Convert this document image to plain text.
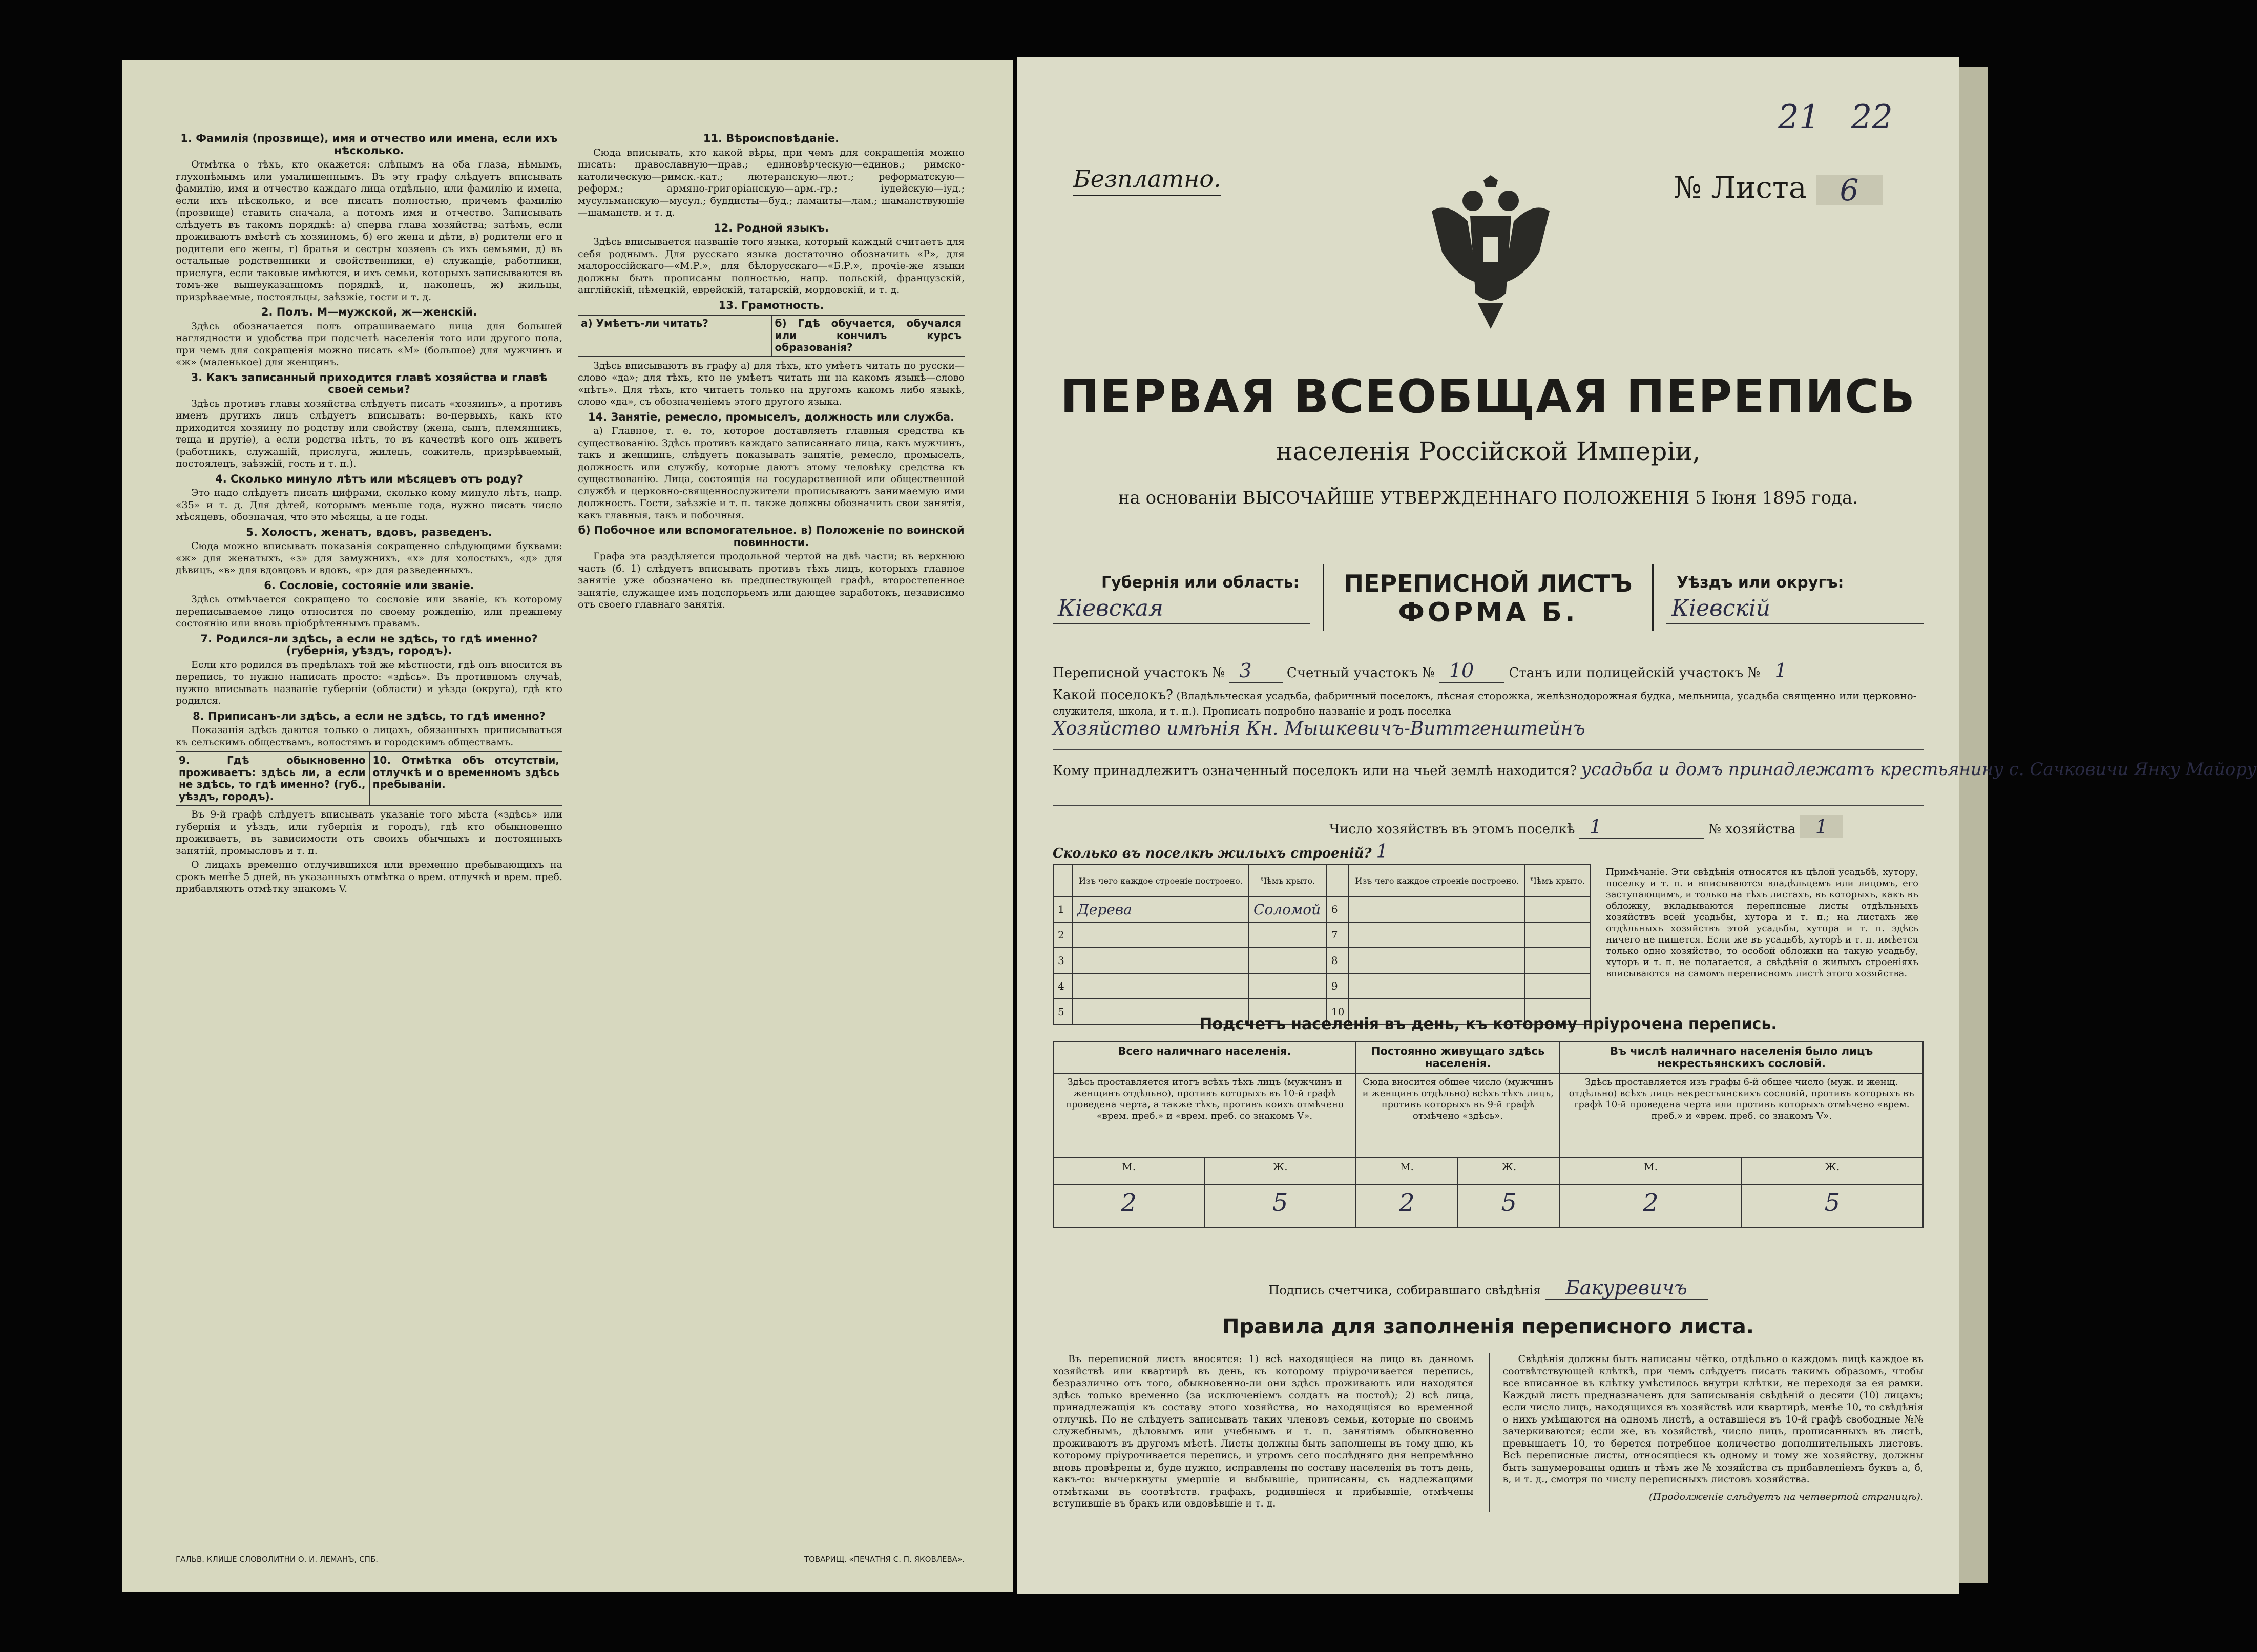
1. Фамилія (прозвище), имя и отчество или имена, если ихъ нѣсколько.

Отмѣтка о тѣхъ, кто окажется: слѣпымъ на оба глаза, нѣмымъ, глухонѣмымъ или умалишеннымъ. Въ эту графу слѣдуетъ вписывать фамилію, имя и отчество каждаго лица отдѣльно, или фамилію и имена, если ихъ нѣсколько, и все писать полностью, причемъ фамилію (прозвище) ставить сначала, а потомъ имя и отчество. Записывать слѣдуетъ въ такомъ порядкѣ: а) сперва глава хозяйства; затѣмъ, если проживаютъ вмѣстѣ съ хозяиномъ, б) его жена и дѣти, в) родители его и родители его жены, г) братья и сестры хозяевъ съ ихъ семьями, д) въ остальные родственники и свойственники, е) служащіе, работники, прислуга, если таковые имѣются, и ихъ семьи, которыхъ записываются въ томъ-же вышеуказанномъ порядкѣ, и, наконецъ, ж) жильцы, призрѣваемые, постояльцы, заѣзжіе, гости и т. д.

2. Полъ. М—мужской, ж—женскій.

Здѣсь обозначается полъ опрашиваемаго лица для большей наглядности и удобства при подсчетѣ населенія того или другого пола, при чемъ для сокращенія можно писать «М» (большое) для мужчинъ и «ж» (маленькое) для женщинъ.

3. Какъ записанный приходится главѣ хозяйства и главѣ своей семьи?

Здѣсь противъ главы хозяйства слѣдуетъ писать «хозяинъ», а противъ именъ другихъ лицъ слѣдуетъ вписывать: во-первыхъ, какъ кто приходится хозяину по родству или свойству (жена, сынъ, племянникъ, теща и другіе), а если родства нѣтъ, то въ качествѣ кого онъ живетъ (работникъ, служащій, прислуга, жилецъ, сожитель, призрѣваемый, постоялецъ, заѣзжій, гость и т. п.).

4. Сколько минуло лѣтъ или мѣсяцевъ отъ роду?

Это надо слѣдуетъ писать цифрами, сколько кому минуло лѣтъ, напр. «35» и т. д. Для дѣтей, которымъ меньше года, нужно писать число мѣсяцевъ, обозначая, что это мѣсяцы, а не годы.

5. Холостъ, женатъ, вдовъ, разведенъ.

Сюда можно вписывать показанія сокращенно слѣдующими буквами: «ж» для женатыхъ, «з» для замужнихъ, «х» для холостыхъ, «д» для дѣвицъ, «в» для вдовцовъ и вдовъ, «р» для разведенныхъ.

6. Сословіе, состояніе или званіе.

Здѣсь отмѣчается сокращено то сословіе или званіе, къ которому переписываемое лицо относится по своему рожденію, или прежнему состоянію или вновь пріобрѣтеннымъ правамъ.

7. Родился-ли здѣсь, а если не здѣсь, то гдѣ именно? (губернія, уѣздъ, городъ).

Если кто родился въ предѣлахъ той же мѣстности, гдѣ онъ вносится въ перепись, то нужно написать просто: «здѣсь». Въ противномъ случаѣ, нужно вписывать названіе губерніи (области) и уѣзда (округа), гдѣ кто родился.

8. Приписанъ-ли здѣсь, а если не здѣсь, то гдѣ именно?

Показанія здѣсь даются только о лицахъ, обязанныхъ приписываться къ сельскимъ обществамъ, волостямъ и городскимъ обществамъ.

9. Гдѣ обыкновенно проживаетъ: здѣсь ли, а если не здѣсь, то гдѣ именно? (губ., уѣздъ, городъ).
10. Отмѣтка объ отсутствіи, отлучкѣ и о временномъ здѣсь пребываніи.

Въ 9-й графѣ слѣдуетъ вписывать указаніе того мѣста («здѣсь» или губернія и уѣздъ, или губернія и городъ), гдѣ кто обыкновенно проживаетъ, въ зависимости отъ своихъ обычныхъ и постоянныхъ занятій, промысловъ и т. п.

О лицахъ временно отлучившихся или временно пребывающихъ на срокъ менѣе 5 дней, въ указанныхъ отмѣтка о врем. отлучкѣ и врем. преб. прибавляютъ отмѣтку знакомъ V.

11. Вѣроисповѣданіе.

Сюда вписывать, кто какой вѣры, при чемъ для сокращенія можно писать: православную—прав.; единовѣрческую—единов.; римско-католическую—римск.-кат.; лютеранскую—лют.; реформатскую—реформ.; армяно-григоріанскую—арм.-гр.; іудейскую—іуд.; мусульманскую—мусул.; буддисты—буд.; ламаиты—лам.; шаманствующіе—шаманств. и т. д.

12. Родной языкъ.

Здѣсь вписывается названіе того языка, который каждый считаетъ для себя роднымъ. Для русскаго языка достаточно обозначить «Р», для малороссійскаго—«М.Р.», для бѣлорусскаго—«Б.Р.», прочіе-же языки должны быть прописаны полностью, напр. польскій, французскій, англійскій, нѣмецкій, еврейскій, татарскій, мордовскій, и т. д.

13. Грамотность.
а) Умѣетъ-ли читать?	б) Гдѣ обучается, обучался или кончилъ курсъ образованія?

Здѣсь вписываютъ въ графу а) для тѣхъ, кто умѣетъ читать по русски—слово «да»; для тѣхъ, кто не умѣетъ читать ни на какомъ языкѣ—слово «нѣтъ». Для тѣхъ, кто читаетъ только на другомъ какомъ либо языкѣ, слово «да», съ обозначеніемъ этого другого языка.

14. Занятіе, ремесло, промыселъ, должность или служба.

а) Главное, т. е. то, которое доставляетъ главныя средства къ существованію. Здѣсь противъ каждаго записаннаго лица, какъ мужчинъ, такъ и женщинъ, слѣдуетъ показывать занятіе, ремесло, промыселъ, должность или службу, которые даютъ этому человѣку средства къ существованію. Лица, состоящія на государственной или общественной службѣ и церковно-священнослужители прописываютъ занимаемую ими должность. Гости, заѣзжіе и т. п. также должны обозначить свои занятія, какъ главныя, такъ и побочныя.

б) Побочное или вспомогательное. в) Положеніе по воинской повинности.

Графа эта раздѣляется продольной чертой на двѣ части; въ верхнюю часть (б. 1) слѣдуетъ вписывать противъ тѣхъ лицъ, которыхъ главное занятіе уже обозначено въ предшествующей графѣ, второстепенное занятіе, служащее имъ подспорьемъ или дающее заработокъ, независимо отъ своего главнаго занятія.

ГАЛЬВ. КЛИШЕ СЛОВОЛИТНИ О. И. ЛЕМАНЪ, СПБ.	ТОВАРИЩ. «ПЕЧАТНЯ С. П. ЯКОВЛЕВА».
21 22
Безплатно.	№ Листа 6
ПЕРВАЯ ВСЕОБЩАЯ ПЕРЕПИСЬ
населенія Россійской Имперіи,
на основаніи ВЫСОЧАЙШЕ УТВЕРЖДЕННАГО ПОЛОЖЕНІЯ 5 Іюня 1895 года.
Губернія или область:
Кіевская
ПЕРЕПИСНОЙ ЛИСТЪ
ФОРМА Б.
Уѣздъ или округъ:
Кіевскій
Переписной участокъ № 3	Счетный участокъ № 10	Станъ или полицейскій участокъ № 1
Какой поселокъ? (Владѣльческая усадьба, фабричный поселокъ, лѣсная сторожка, желѣзнодорожная будка, мельница, усадьба священно или церковно-служителя, школа, и т. п.). Прописать подробно названіе и родъ поселка
Хозяйство имѣнія Кн. Мышкевичъ-Виттгенштейнъ
Кому принадлежитъ означенный поселокъ или на чьей землѣ находится? усадьба и домъ принадлежатъ крестьянину с. Сачковичи Янку Майору
Число хозяйствъ въ этомъ поселкѣ 1	№ хозяйства 1
Сколько въ поселкѣ жилыхъ строеній? 1
	Изъ чего каждое строеніе построено.	Чѣмъ крыто.		Изъ чего каждое строеніе построено.	Чѣмъ крыто.
1	Дерева	Соломой	6		
2			7		
3			8		
4			9		
5			10		
Примѣчаніе. Эти свѣдѣнія относятся къ цѣлой усадьбѣ, хутору, поселку и т. п. и вписываются владѣльцемъ или лицомъ, его заступающимъ, и только на тѣхъ листахъ, въ которыхъ, какъ въ обложку, вкладываются переписные листы отдѣльныхъ хозяйствъ всей усадьбы, хутора и т. п.; на листахъ же отдѣльныхъ хозяйствъ этой усадьбы, хутора и т. п. здѣсь ничего не пишется. Если же въ усадьбѣ, хуторѣ и т. п. имѣется только одно хозяйство, то особой обложки на такую усадьбу, хуторъ и т. п. не полагается, а свѣдѣнія о жилыхъ строеніяхъ вписываются на самомъ переписномъ листѣ этого хозяйства.
Подсчетъ населенія въ день, къ которому пріурочена перепись.
Всего наличнаго населенія.		Постоянно живущаго здѣсь населенія.		Въ числѣ наличнаго населенія было лицъ некрестьянскихъ сословій.	
Здѣсь проставляется итогъ всѣхъ тѣхъ лицъ (мужчинъ и женщинъ отдѣльно), противъ которыхъ въ 10-й графѣ проведена черта, а также тѣхъ, противъ коихъ отмѣчено «врем. преб.» и «врем. преб. со знакомъ V».		Сюда вносится общее число (мужчинъ и женщинъ отдѣльно) всѣхъ тѣхъ лицъ, противъ которыхъ въ 9-й графѣ отмѣчено «здѣсь».		Здѣсь проставляется изъ графы 6-й общее число (муж. и женщ. отдѣльно) всѣхъ лицъ некрестьянскихъ сословій, противъ которыхъ въ графѣ 10-й проведена черта или противъ которыхъ отмѣчено «врем. преб.» и «врем. преб. со знакомъ V».	
М.	Ж.	М.	Ж.	М.	Ж.
2	5	2	5	2	5
Подпись счетчика, собиравшаго свѣдѣнія Бакуревичъ
Правила для заполненія переписного листа.

Въ переписной листъ вносятся: 1) всѣ находящіеся на лицо въ данномъ хозяйствѣ или квартирѣ въ день, къ которому пріурочивается перепись, безразлично отъ того, обыкновенно-ли они здѣсь проживаютъ или находятся здѣсь только временно (за исключеніемъ солдатъ на постоѣ); 2) всѣ лица, принадлежащія къ составу этого хозяйства, но находящіяся во временной отлучкѣ. По не слѣдуетъ записывать таких членовъ семьи, которые по своимъ служебнымъ, дѣловымъ или учебнымъ и т. п. занятіямъ обыкновенно проживаютъ въ другомъ мѣстѣ. Листы должны быть заполнены въ тому дню, къ которому пріурочивается перепись, и утромъ сего послѣдняго дня непремѣнно вновь провѣрены и, буде нужно, исправлены по составу населенія въ тотъ день, какъ-то: вычеркнуты умершіе и выбывшіе, приписаны, съ надлежащими отмѣтками въ соотвѣтств. графахъ, родившіеся и прибывшіе, отмѣчены вступившіе въ бракъ или овдовѣвшіе и т. д.

Свѣдѣнія должны быть написаны чётко, отдѣльно о каждомъ лицѣ каждое въ соотвѣтствующей клѣткѣ, при чемъ слѣдуетъ писать такимъ образомъ, чтобы все вписанное въ клѣтку умѣстилось внутри клѣтки, не переходя за ея рамки. Каждый листъ предназначенъ для записыванія свѣдѣній о десяти (10) лицахъ; если число лицъ, находящихся въ хозяйствѣ или квартирѣ, менѣе 10, то свѣдѣнія о нихъ умѣщаются на одномъ листѣ, а оставшіеся въ 10-й графѣ свободные №№ зачеркиваются; если же, въ хозяйствѣ, число лицъ, прописанныхъ въ листѣ, превышаетъ 10, то берется потребное количество дополнительныхъ листовъ. Всѣ переписные листы, относящіеся къ одному и тому же хозяйству, должны быть занумерованы одинъ и тѣмъ же № хозяйства съ прибавленіемъ буквъ а, б, в, и т. д., смотря по числу переписныхъ листовъ хозяйства.

(Продолженіе слѣдуетъ на четвертой страницѣ).
